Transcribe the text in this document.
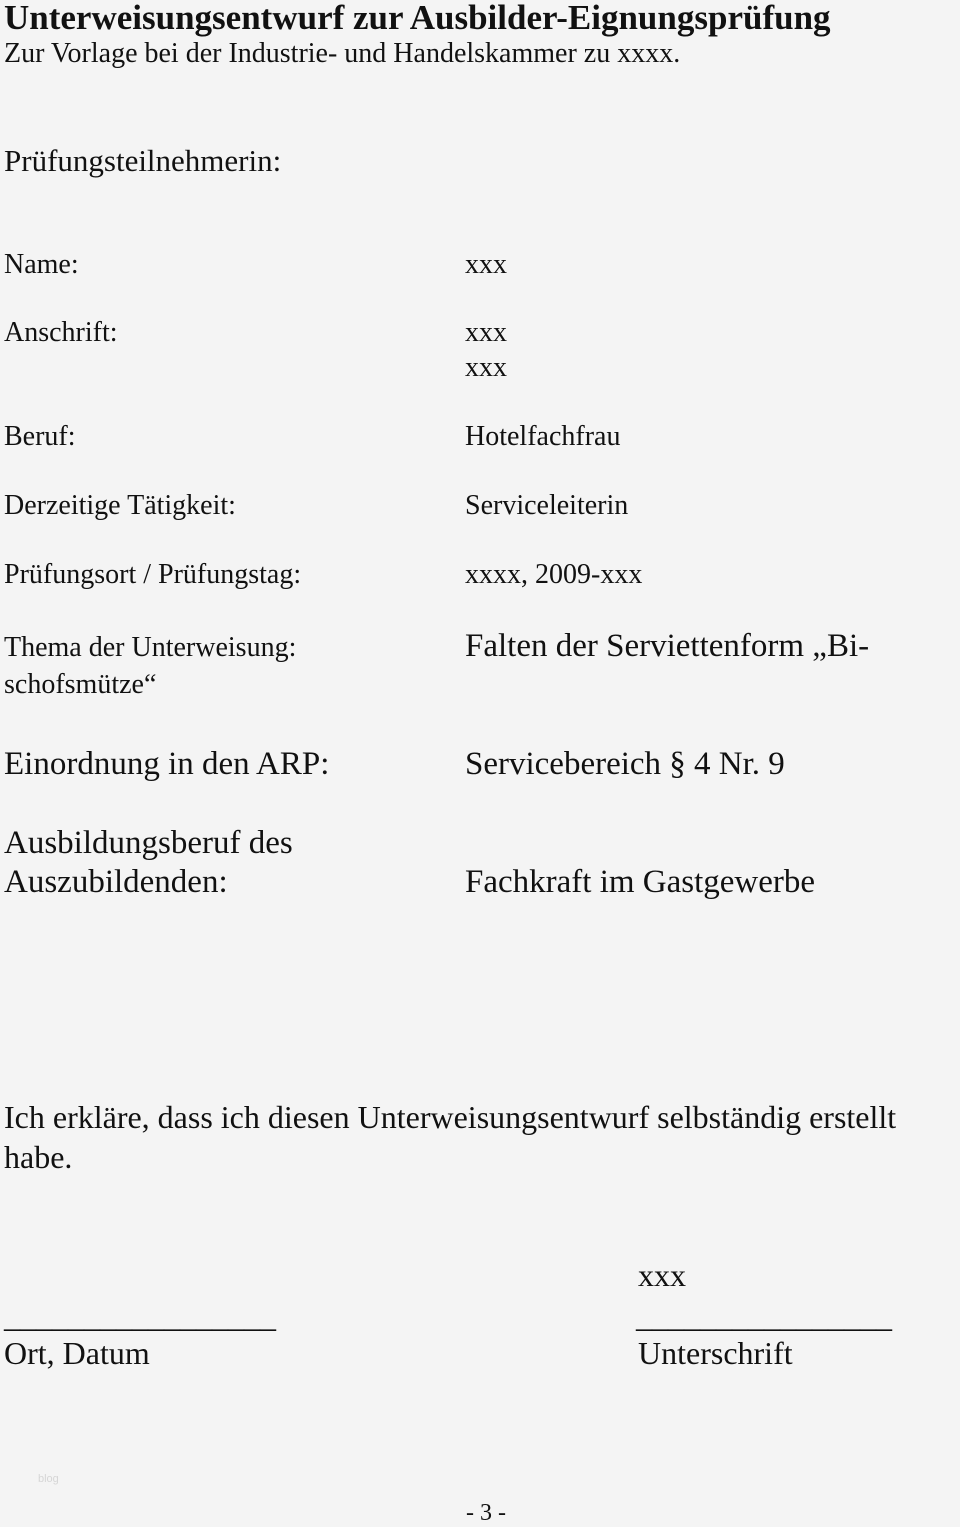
Unterweisungsentwurf zur Ausbilder-Eignungsprüfung
Zur Vorlage bei der Industrie- und Handelskammer zu xxxx.
Prüfungsteilnehmerin:
Name:	xxx
Anschrift:	xxx
xxx
Beruf:	Hotelfachfrau
Derzeitige Tätigkeit:	Serviceleiterin
Prüfungsort / Prüfungstag:	xxxx, 2009-xxx
Thema der Unterweisung:	Falten der Serviettenform „Bi-
schofsmütze“
Einordnung in den ARP:	Servicebereich § 4 Nr. 9
Ausbildungsberuf des
Auszubildenden:	Fachkraft im Gastgewerbe
Ich erkläre, dass ich diesen Unterweisungsentwurf selbständig erstellt
habe.
xxx
_________________	________________
Ort, Datum	Unterschrift
blog
- 3 -
